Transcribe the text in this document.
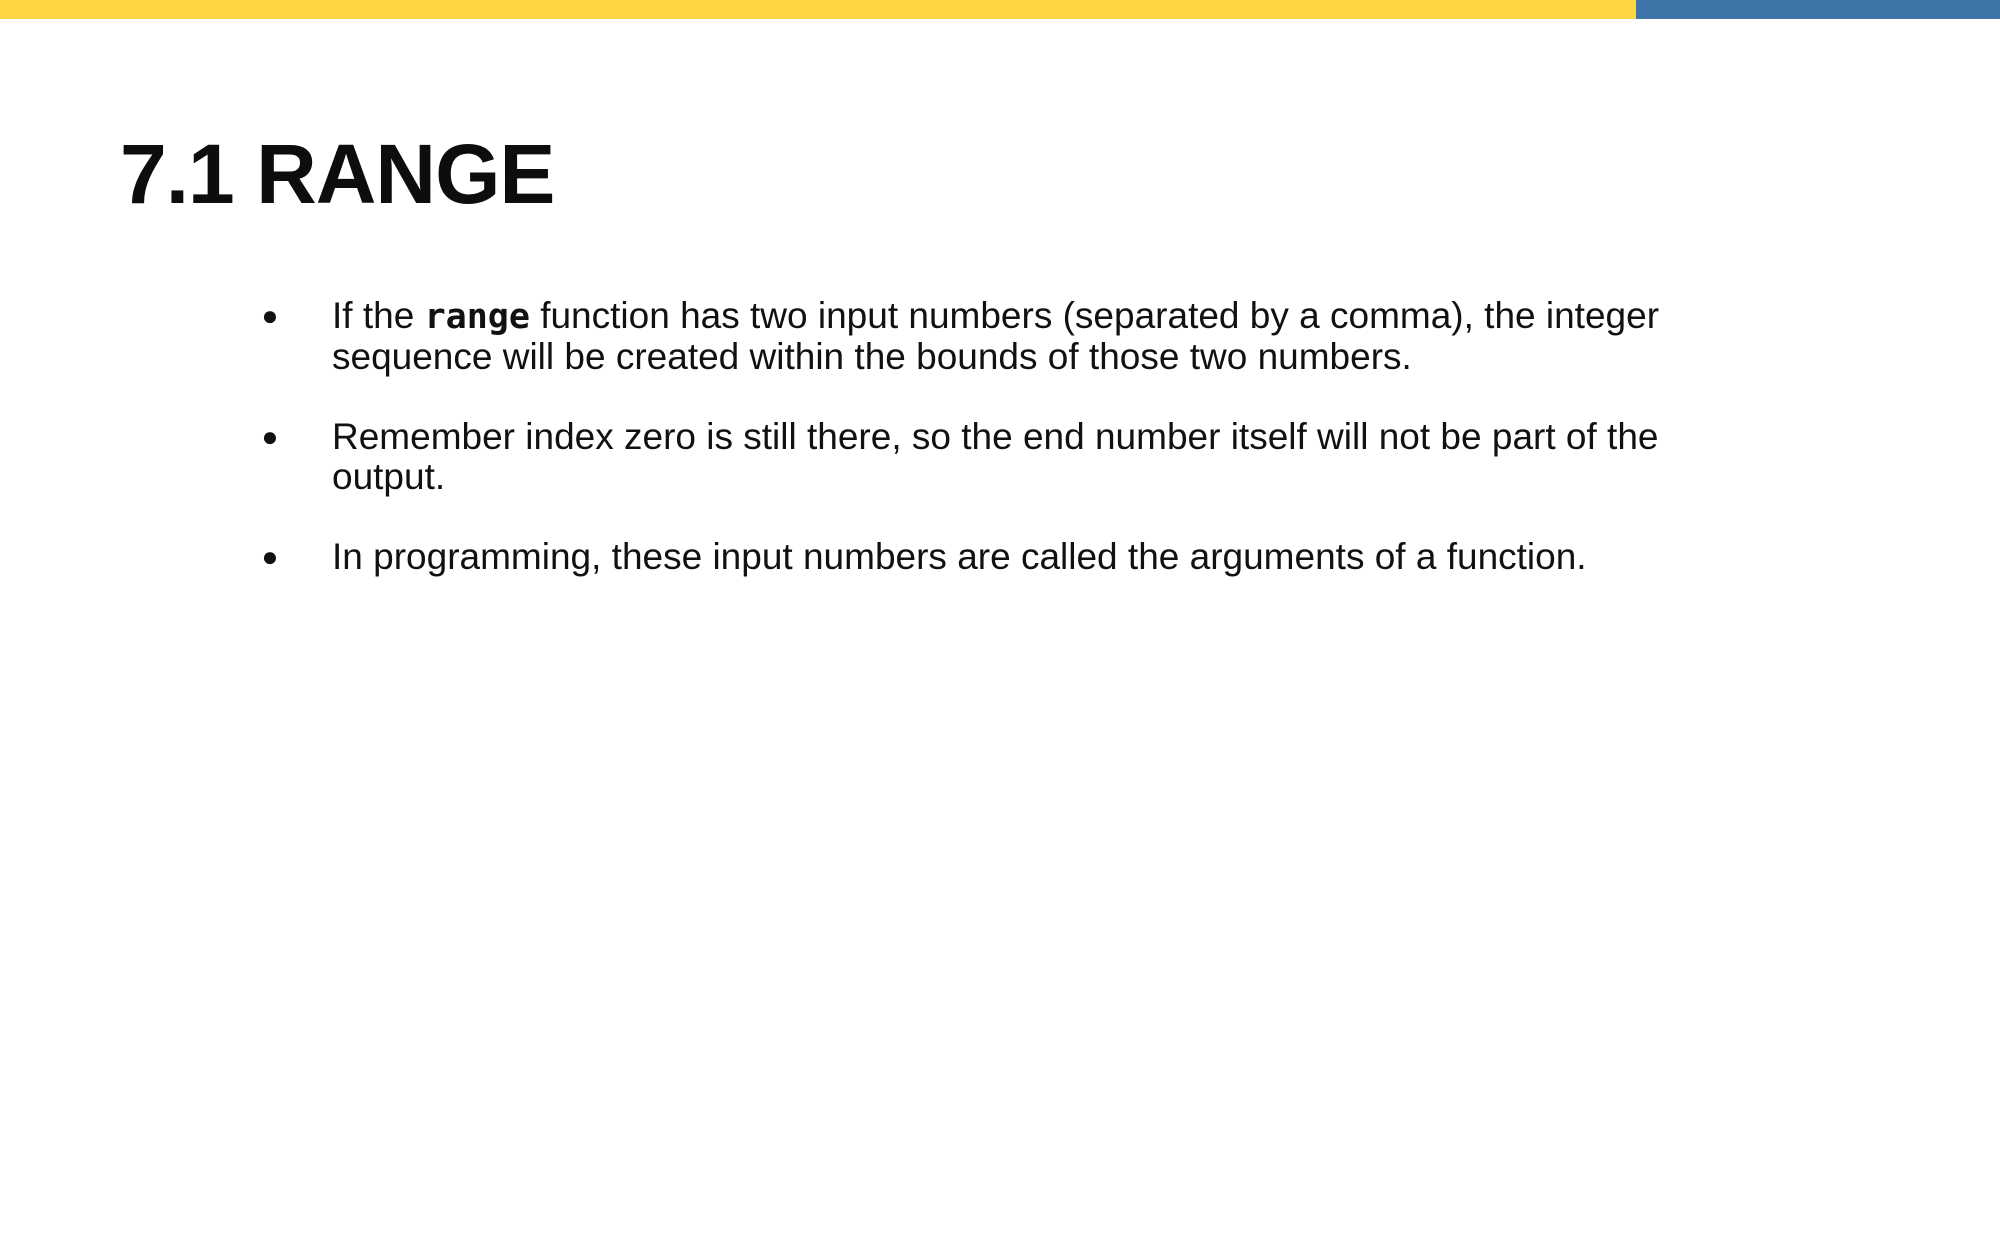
7.1 RANGE
● If the range function has two input numbers (separated by a comma), the integer sequence will be created within the bounds of those two numbers.
● Remember index zero is still there, so the end number itself will not be part of the output.
● In programming, these input numbers are called the arguments of a function.
